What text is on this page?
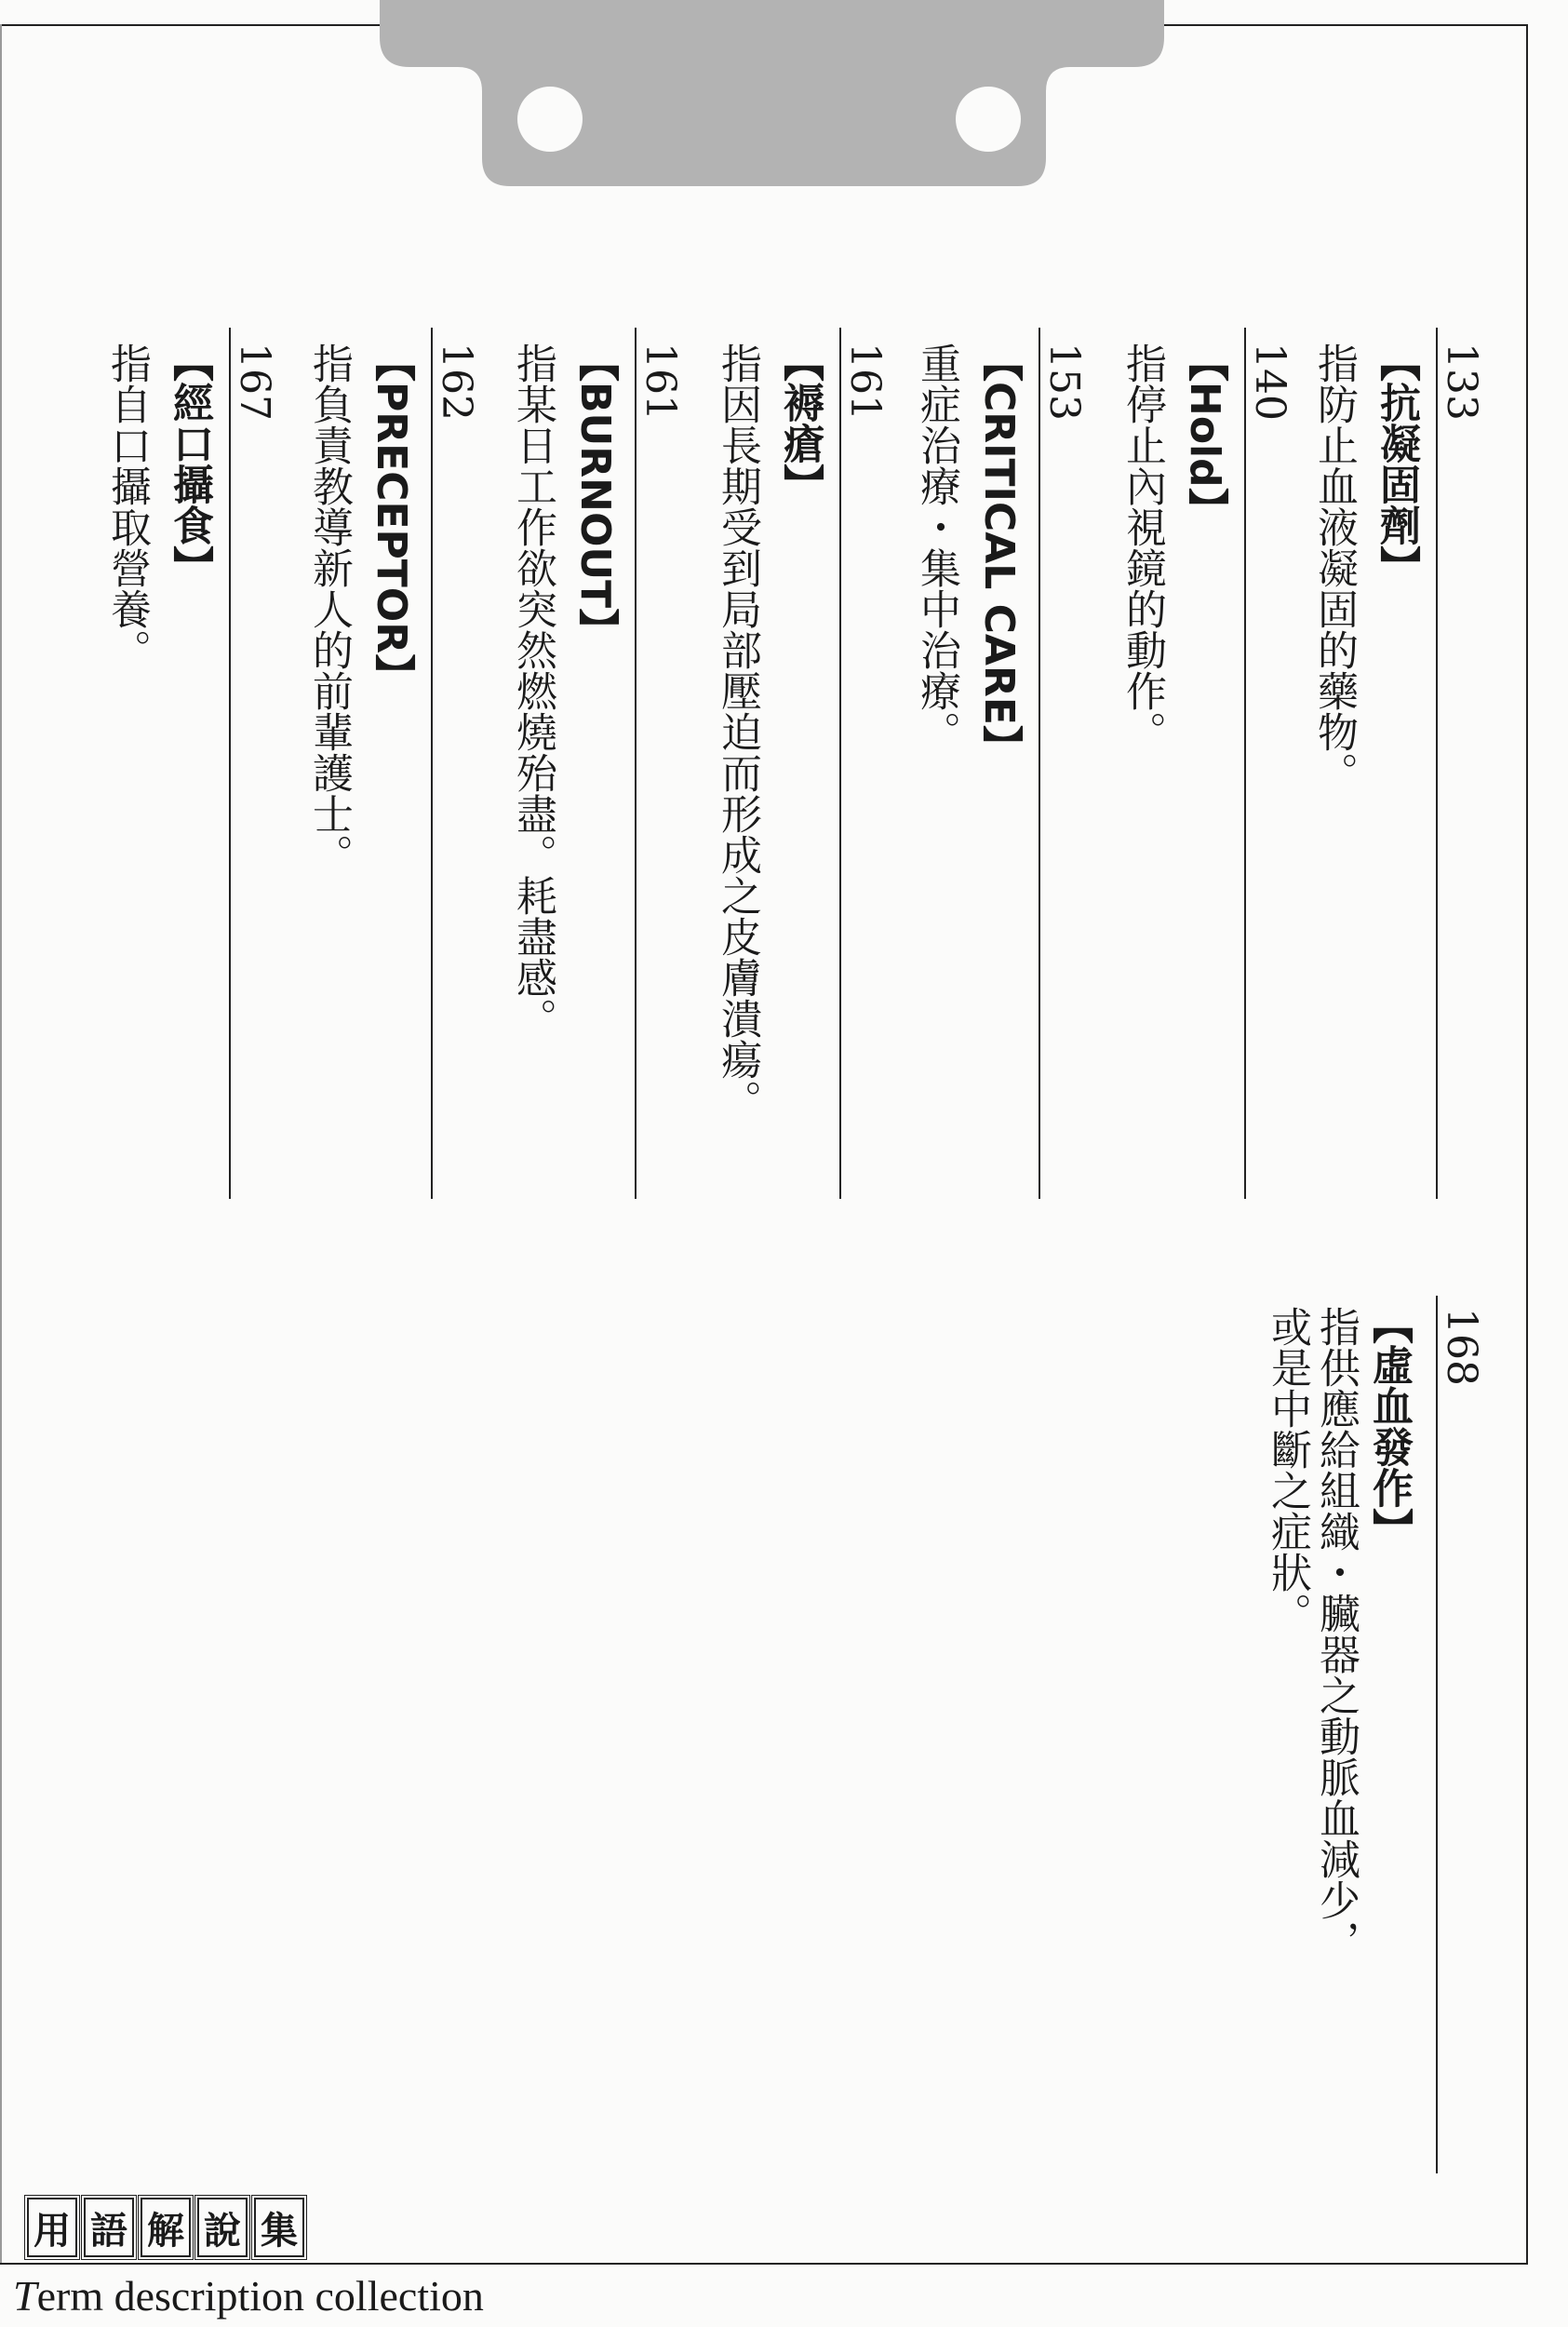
133
【抗凝固劑】
指防止血液凝固的藥物。
140
【Hold】
指停止內視鏡的動作。
153
【CRITICAL CARE】
重症治療・集中治療。
161
【褥瘡】
指因長期受到局部壓迫而形成之皮膚潰瘍。
161
【BURNOUT】
指某日工作欲突然燃燒殆盡。耗盡感。
162
【PRECEPTOR】
指負責教導新人的前輩護士。
167
【經口攝食】
指自口攝取營養。
168
【虛血發作】
指供應給組織・臟器之動脈血減少，
或是中斷之症狀。
用 語 解 說 集
Term description collection
